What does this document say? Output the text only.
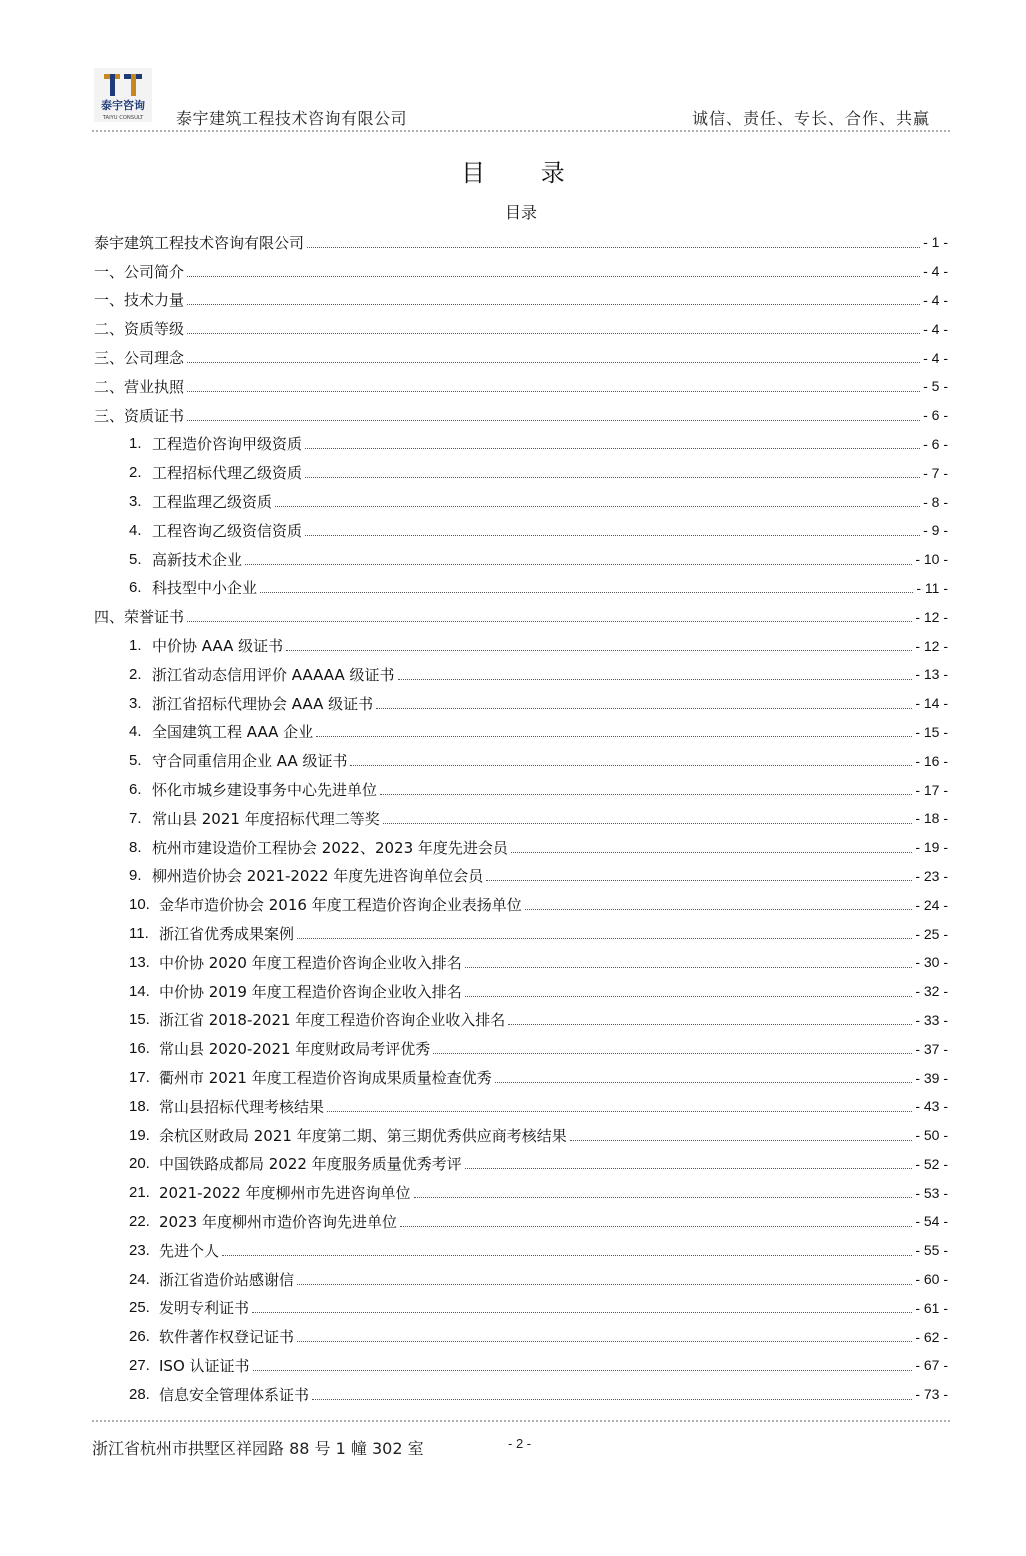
泰宇咨询
TAIYU CONSULT 泰宇建筑工程技术咨询有限公司	诚信、责任、专长、合作、共赢
目 录
目录
泰宇建筑工程技术咨询有限公司	- 1 -
一、 公司简介	- 4 -
一、 技术力量	- 4 -
二、 资质等级	- 4 -
三、 公司理念	- 4 -
二、 营业执照	- 5 -
三、 资质证书	- 6 -
1. 工程造价咨询甲级资质	- 6 -
2. 工程招标代理乙级资质	- 7 -
3. 工程监理乙级资质	- 8 -
4. 工程咨询乙级资信资质	- 9 -
5. 高新技术企业	- 10 -
6. 科技型中小企业	- 11 -
四、 荣誉证书	- 12 -
1. 中价协 AAA 级证书	- 12 -
2. 浙江省动态信用评价 AAAAA 级证书	- 13 -
3. 浙江省招标代理协会 AAA 级证书	- 14 -
4. 全国建筑工程 AAA 企业	- 15 -
5. 守合同重信用企业 AA 级证书	- 16 -
6. 怀化市城乡建设事务中心先进单位	- 17 -
7. 常山县 2021 年度招标代理二等奖	- 18 -
8. 杭州市建设造价工程协会 2022、2023 年度先进会员	- 19 -
9. 柳州造价协会 2021-2022 年度先进咨询单位会员	- 23 -
10. 金华市造价协会 2016 年度工程造价咨询企业表扬单位	- 24 -
11. 浙江省优秀成果案例	- 25 -
13. 中价协 2020 年度工程造价咨询企业收入排名	- 30 -
14. 中价协 2019 年度工程造价咨询企业收入排名	- 32 -
15. 浙江省 2018-2021 年度工程造价咨询企业收入排名	- 33 -
16. 常山县 2020-2021 年度财政局考评优秀	- 37 -
17. 衢州市 2021 年度工程造价咨询成果质量检查优秀	- 39 -
18. 常山县招标代理考核结果	- 43 -
19. 余杭区财政局 2021 年度第二期、第三期优秀供应商考核结果	- 50 -
20. 中国铁路成都局 2022 年度服务质量优秀考评	- 52 -
21. 2021-2022 年度柳州市先进咨询单位	- 53 -
22. 2023 年度柳州市造价咨询先进单位	- 54 -
23. 先进个人	- 55 -
24. 浙江省造价站感谢信	- 60 -
25. 发明专利证书	- 61 -
26. 软件著作权登记证书	- 62 -
27. ISO 认证证书	- 67 -
28. 信息安全管理体系证书	- 73 -
浙江省杭州市拱墅区祥园路 88 号 1 幢 302 室	- 2 -
